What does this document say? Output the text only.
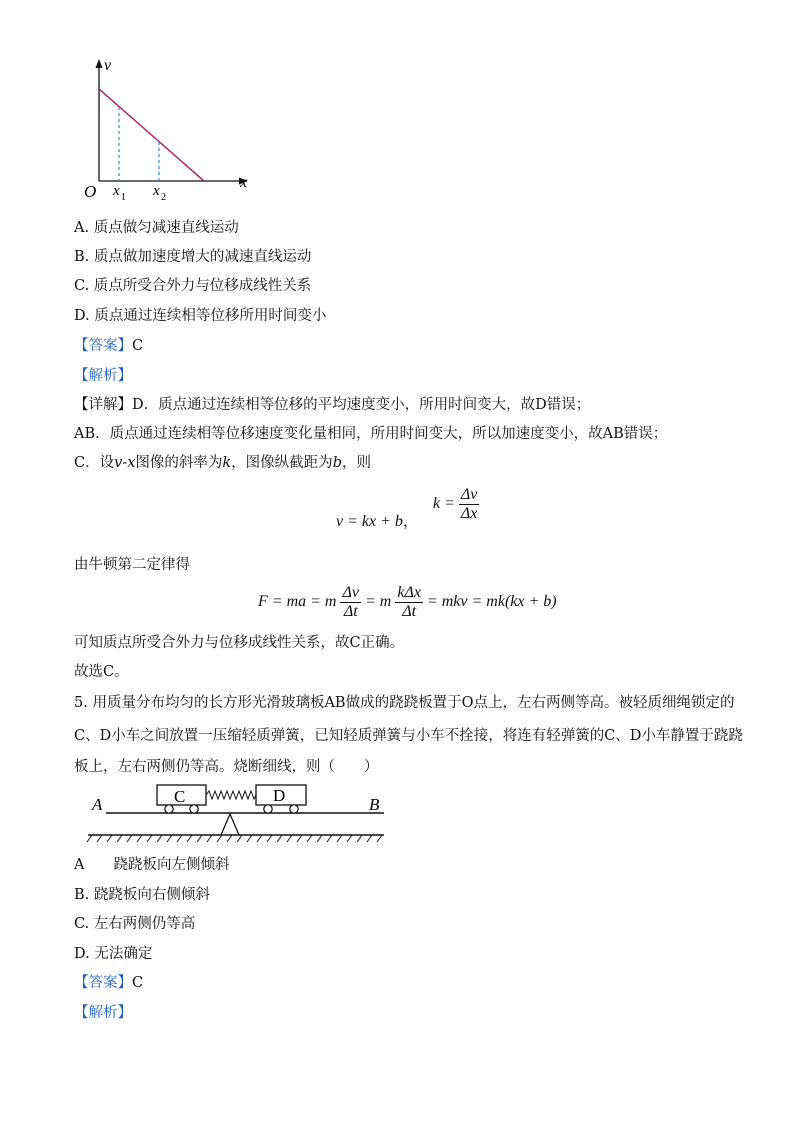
v
x
O x 1 x 2
A. 质点做匀减速直线运动
B. 质点做加速度增大的减速直线运动
C. 质点所受合外力与位移成线性关系
D. 质点通过连续相等位移所用时间变小
【答案】C
【解析】
【详解】D．质点通过连续相等位移的平均速度变小，所用时间变大，故D错误；
AB．质点通过连续相等位移速度变化量相同，所用时间变大，所以加速度变小，故AB错误；
C．设v-x图像的斜率为k，图像纵截距为b，则
v = kx + b， $k = \frac{\Delta v}{\Delta x}$
由牛顿第二定律得
F = ma = m $\frac{\Delta v}{\Delta t} = m \frac{\text{kΔx}}{\Delta t}$ = mkv = mk(kx + b)
可知质点所受合外力与位移成线性关系，故C正确。
故选C。
5. 用质量分布均匀的长方形光滑玻璃板AB做成的跷跷板置于O点上，左右两侧等高。被轻质细绳锁定的
C、D小车之间放置一压缩轻质弹簧，已知轻质弹簧与小车不拴接，将连有轻弹簧的C、D小车静置于跷跷
板上，左右两侧仍等高。烧断细线，则（　　）
A	B
C	D
A　　跷跷板向左侧倾斜
B. 跷跷板向右侧倾斜
C. 左右两侧仍等高
D. 无法确定
【答案】C
【解析】
